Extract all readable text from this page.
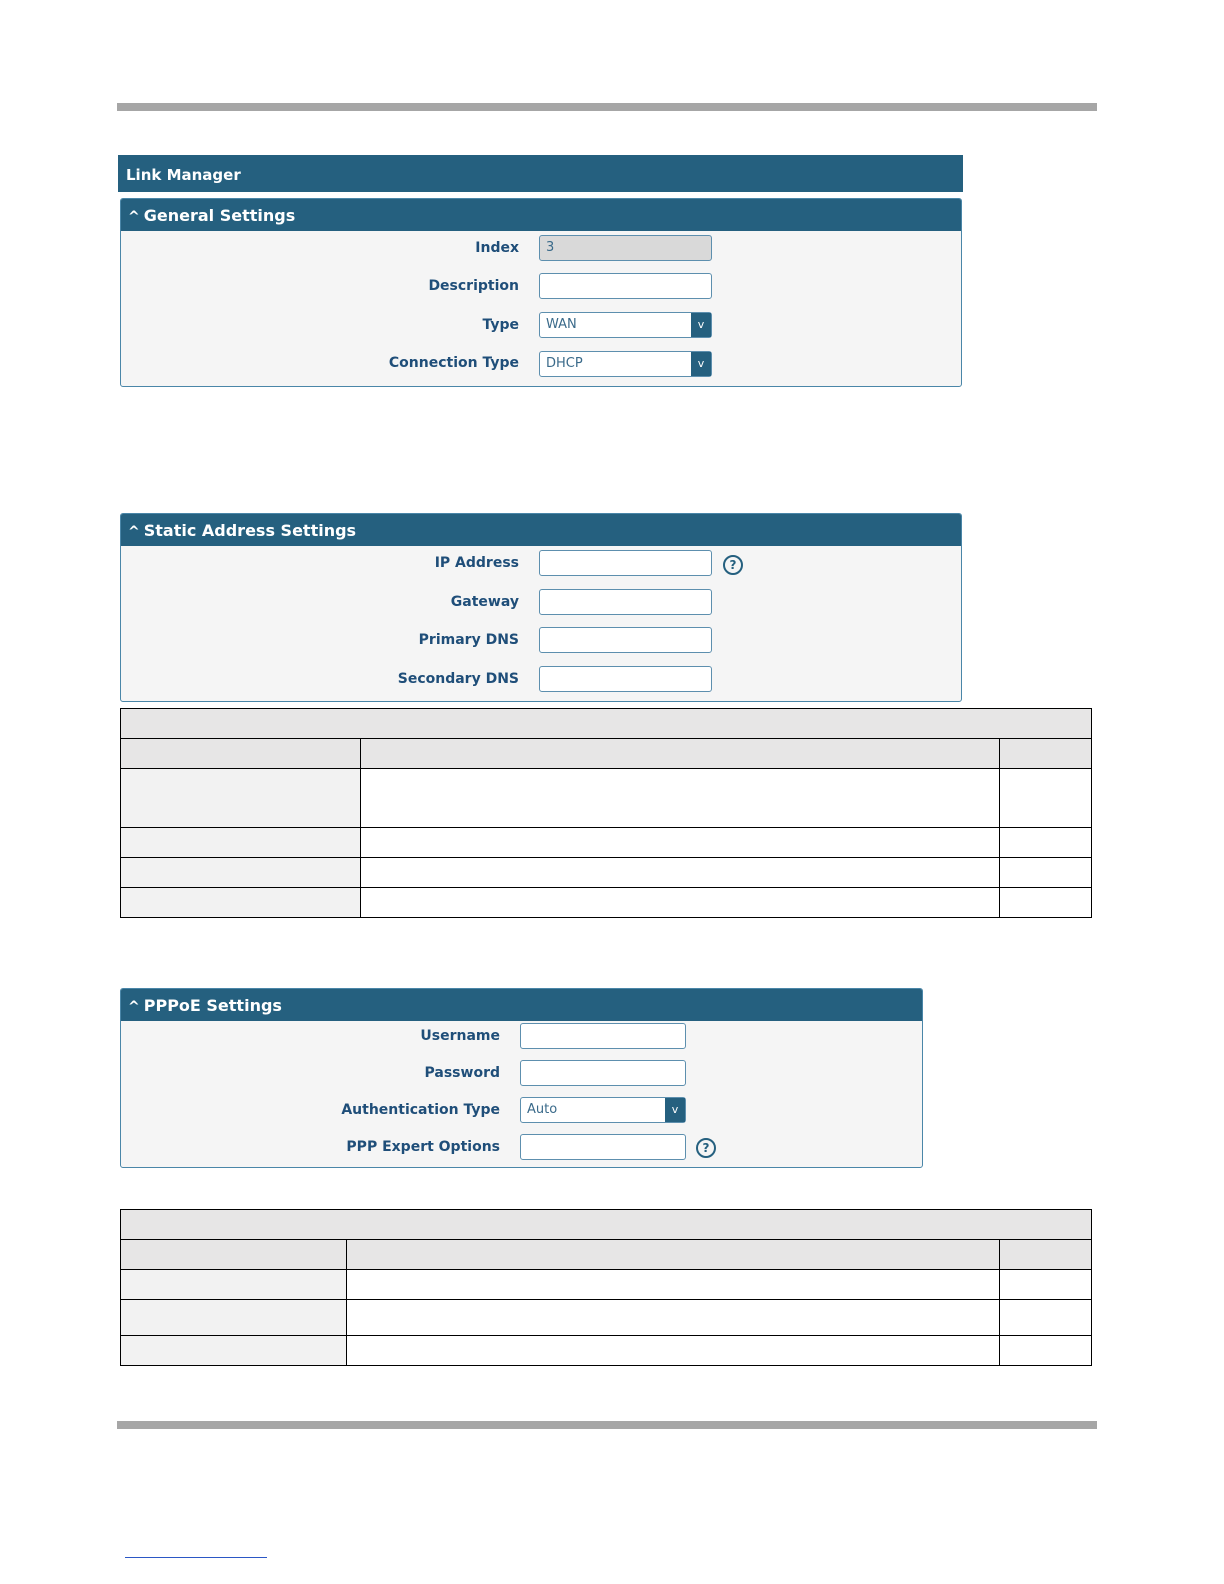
Link Manager
^ General Settings
Index	3
Description
Type	WAN	v
Connection Type	DHCP	v
^ Static Address Settings
IP Address	?
Gateway
Primary DNS
Secondary DNS

^ PPPoE Settings
Username
Password
Authentication Type	Auto	v
PPP Expert Options	?
